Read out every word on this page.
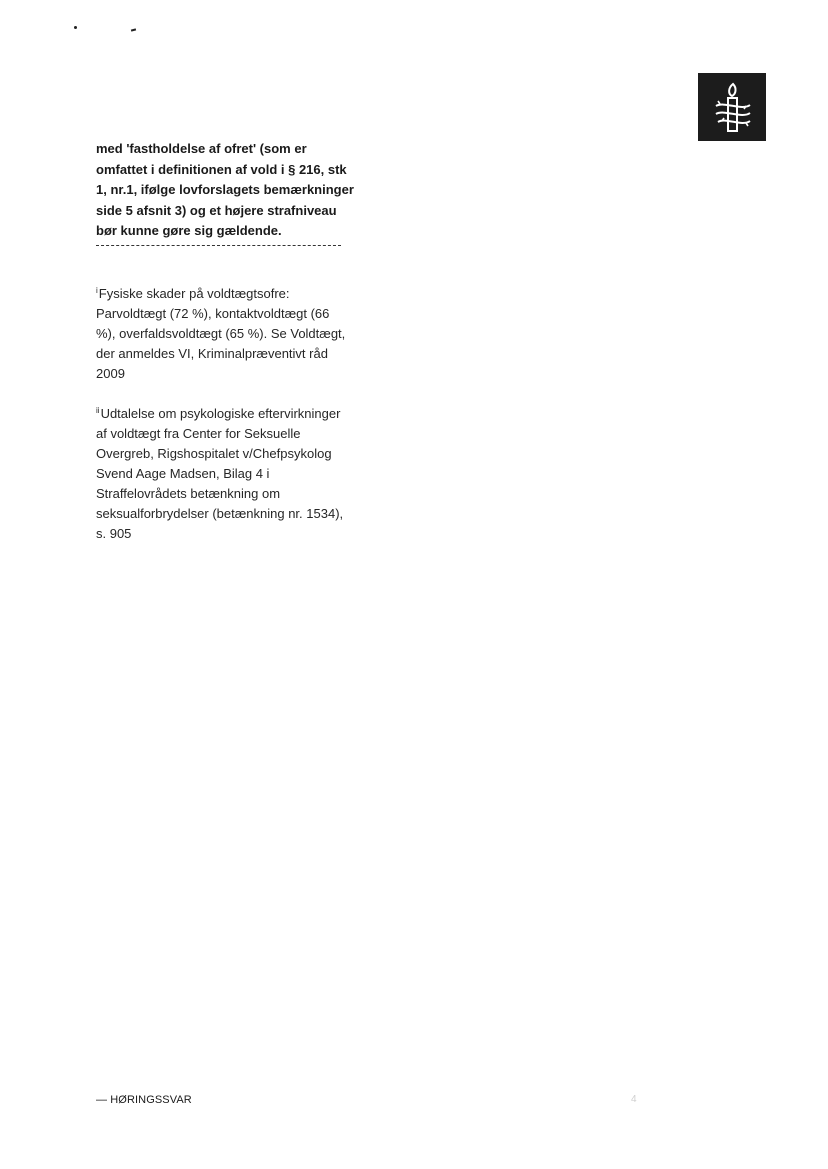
med 'fastholdelse af ofret' (som er omfattet i definitionen af vold i § 216, stk 1, nr.1, ifølge lovforslagets bemærkninger side 5 afsnit 3) og et højere strafniveau bør kunne gøre sig gældende.

$^i$Fysiske skader på voldtægtsofre: Parvoldtægt (72 %), kontaktvoldtægt (66 %), overfaldsvoldtægt (65 %). Se Voldtægt, der anmeldes VI, Kriminalpræventivt råd 2009

$^{ii}$Udtalelse om psykologiske eftervirkninger af voldtægt fra Center for Seksuelle Overgreb, Rigshospitalet v/Chefpsykolog Svend Aage Madsen, Bilag 4 i Straffelovrådets betænkning om seksualforbrydelser (betænkning nr. 1534), s. 905

— HØRINGSSVAR	4
